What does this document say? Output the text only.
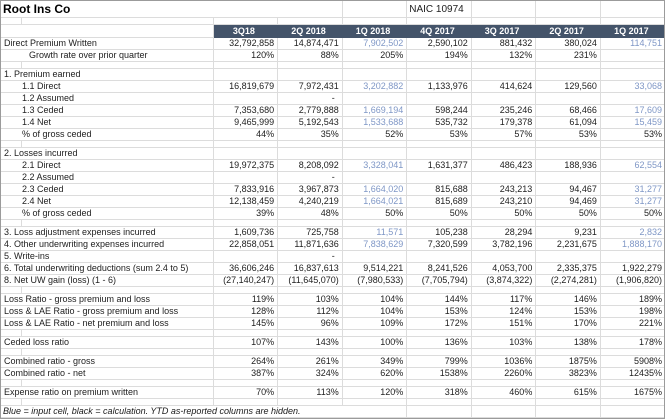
Root Ins Co				NAIC 10974			

	3Q18	2Q 2018	1Q 2018	4Q 2017	3Q 2017	2Q 2017	1Q 2017
Direct Premium Written	32,792,858	14,874,471	7,902,502	2,590,102	881,432	380,024	114,751
Growth rate over prior quarter	120%	88%	205%	194%	132%	231%	

1. Premium earned							
1.1 Direct	16,819,679	7,972,431	3,202,882	1,133,976	414,624	129,560	33,068
1.2 Assumed		-					
1.3 Ceded	7,353,680	2,779,888	1,669,194	598,244	235,246	68,466	17,609
1.4 Net	9,465,999	5,192,543	1,533,688	535,732	179,378	61,094	15,459
% of gross ceded	44%	35%	52%	53%	57%	53%	53%

2. Losses incurred							
2.1 Direct	19,972,375	8,208,092	3,328,041	1,631,377	486,423	188,936	62,554
2.2 Assumed		-					
2.3 Ceded	7,833,916	3,967,873	1,664,020	815,688	243,213	94,467	31,277
2.4 Net	12,138,459	4,240,219	1,664,021	815,689	243,210	94,469	31,277
% of gross ceded	39%	48%	50%	50%	50%	50%	50%

3. Loss adjustment expenses incurred	1,609,736	725,758	11,571	105,238	28,294	9,231	2,832
4. Other underwriting expenses incurred	22,858,051	11,871,636	7,838,629	7,320,599	3,782,196	2,231,675	1,888,170
5. Write-ins		-					
6. Total underwriting deductions (sum 2.4 to 5)	36,606,246	16,837,613	9,514,221	8,241,526	4,053,700	2,335,375	1,922,279
8. Net UW gain (loss) (1 - 6)	(27,140,247)	(11,645,070)	(7,980,533)	(7,705,794)	(3,874,322)	(2,274,281)	(1,906,820)

Loss Ratio - gross premium and loss	119%	103%	104%	144%	117%	146%	189%
Loss & LAE Ratio - gross premium and loss	128%	112%	104%	153%	124%	153%	198%
Loss & LAE Ratio - net premium and loss	145%	96%	109%	172%	151%	170%	221%

Ceded loss ratio	107%	143%	100%	136%	103%	138%	178%

Combined ratio - gross	264%	261%	349%	799%	1036%	1875%	5908%
Combined ratio - net	387%	324%	620%	1538%	2260%	3823%	12435%

Expense ratio on premium written	70%	113%	120%	318%	460%	615%	1675%

Blue = input cell, black = calculation. YTD as-reported columns are hidden.							
